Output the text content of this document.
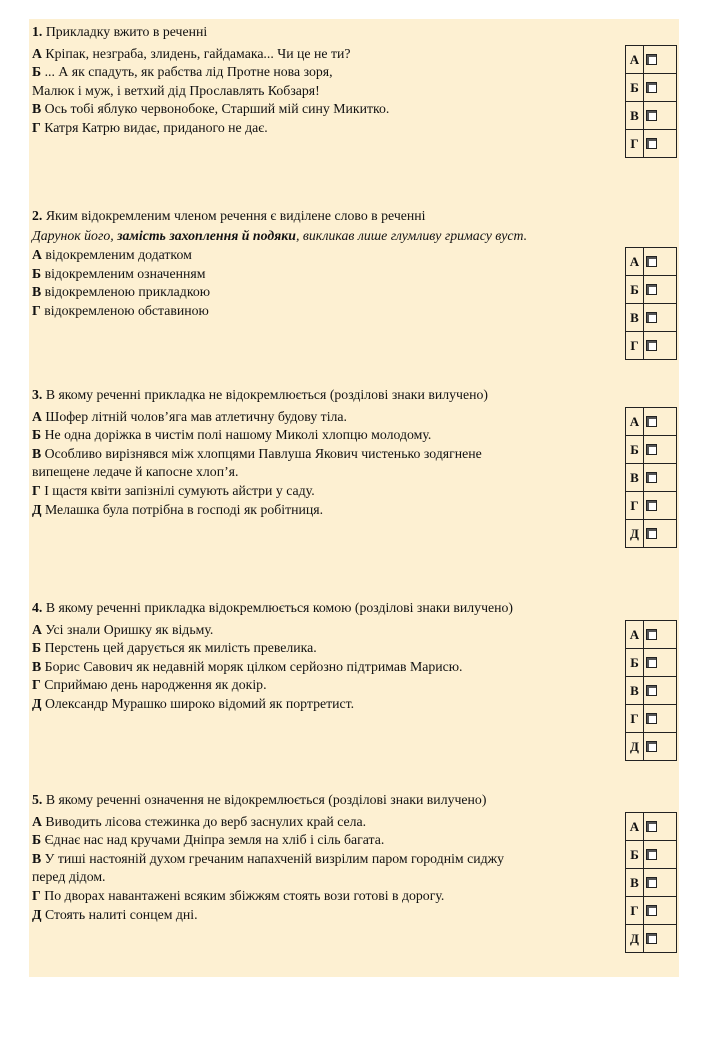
1. Прикладку вжито в реченні

А Кріпак, незграба, злидень, гайдамака... Чи це не ти?

Б ... А як спадуть, як рабства лід Протне нова зоря,

Малюк і муж, і ветхий дід Прославлять Кобзаря!

В Ось тобі яблуко червонобоке, Старший мій сину Микитко.

Г Катря Катрю видає, приданого не дає.

А	
Б	
В	
Г	

2. Яким відокремленим членом речення є виділене слово в реченні

Дарунок його, замість захоплення й подяки, викликав лише глумливу гримасу вуст.

А відокремленим додатком

Б відокремленим означенням

В відокремленою прикладкою

Г відокремленою обставиною

А	
Б	
В	
Г	

3. В якому реченні прикладка не відокремлюється (розділові знаки вилучено)

А Шофер літній чолов’яга мав атлетичну будову тіла.

Б Не одна доріжка в чистім полі нашому Миколі хлопцю молодому.

В Особливо вирізнявся між хлопцями Павлуша Якович чистенько зодягнене

випещене ледаче й капосне хлоп’я.

Г І щастя квіти запізнілі сумують айстри у саду.

Д Мелашка була потрібна в господі як робітниця.

А	
Б	
В	
Г	
Д	

4. В якому реченні прикладка відокремлюється комою (розділові знаки вилучено)

А Усі знали Оришку як відьму.

Б Перстень цей дарується як милість превелика.

В Борис Савович як недавній моряк цілком серйозно підтримав Марисю.

Г Сприймаю день народження як докір.

Д Олександр Мурашко широко відомий як портретист.

А	
Б	
В	
Г	
Д	

5. В якому реченні означення не відокремлюється (розділові знаки вилучено)

А Виводить лісова стежинка до верб заснулих край села.

Б Єднає нас над кручами Дніпра земля на хліб і сіль багата.

В У тиші настояній духом гречаним напахченій визрілим паром городнім сиджу

перед дідом.

Г По дворах навантажені всяким збіжжям стоять вози готові в дорогу.

Д Стоять налиті сонцем дні.

А	
Б	
В	
Г	
Д	
